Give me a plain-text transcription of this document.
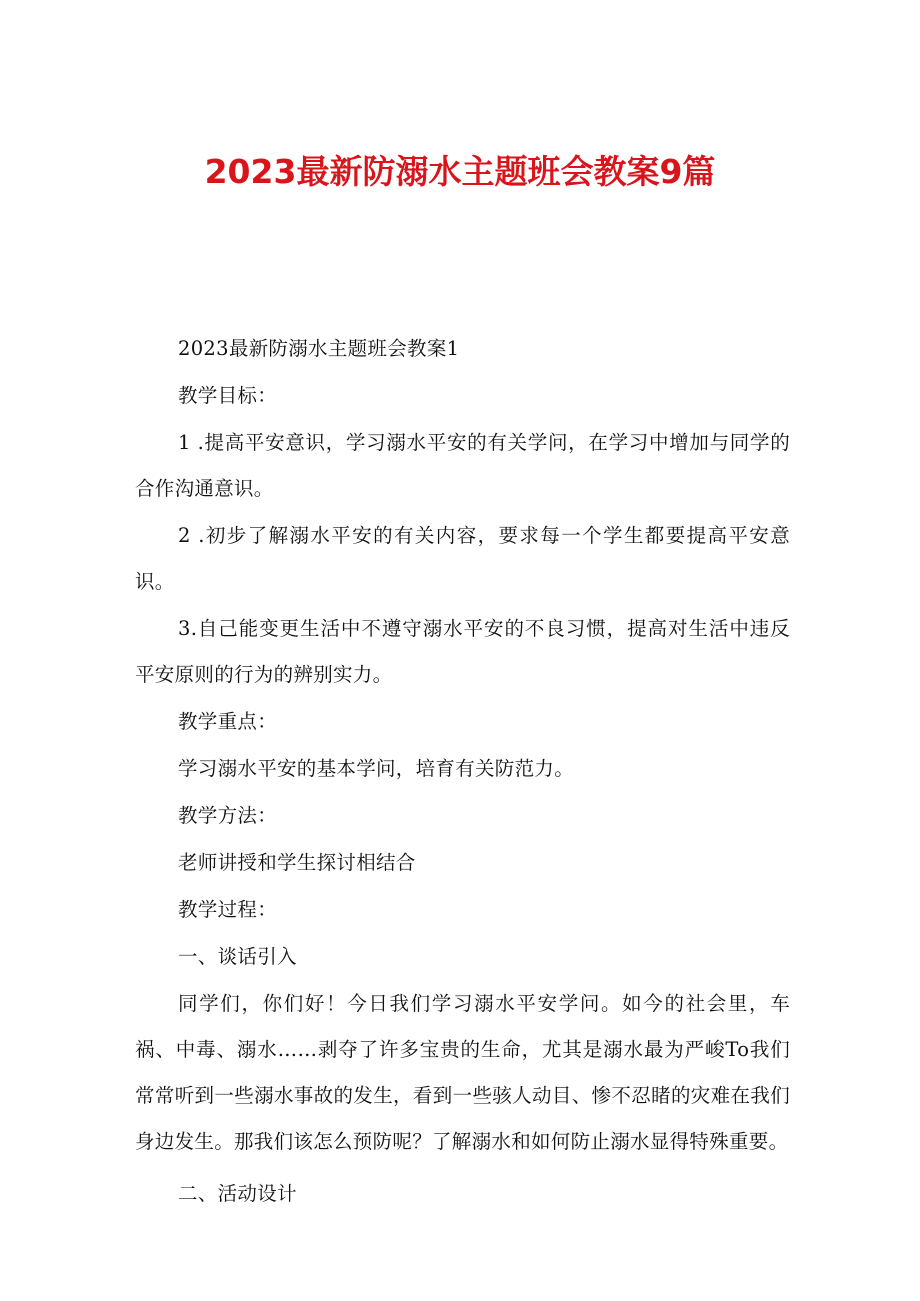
2023最新防溺水主题班会教案9篇

2023最新防溺水主题班会教案1

教学目标：

1 .提高平安意识，学习溺水平安的有关学问，在学习中增加与同学的合作沟通意识。

2 .初步了解溺水平安的有关内容，要求每一个学生都要提高平安意识。

3.自己能变更生活中不遵守溺水平安的不良习惯，提高对生活中违反平安原则的行为的辨别实力。

教学重点：

学习溺水平安的基本学问，培育有关防范力。

教学方法：

老师讲授和学生探讨相结合

教学过程：

一、谈话引入

同学们，你们好！今日我们学习溺水平安学问。如今的社会里，车祸、中毒、溺水……剥夺了许多宝贵的生命，尤其是溺水最为严峻To我们常常听到一些溺水事故的发生，看到一些骇人动目、惨不忍睹的灾难在我们身边发生。那我们该怎么预防呢？了解溺水和如何防止溺水显得特殊重要。

二、活动设计
